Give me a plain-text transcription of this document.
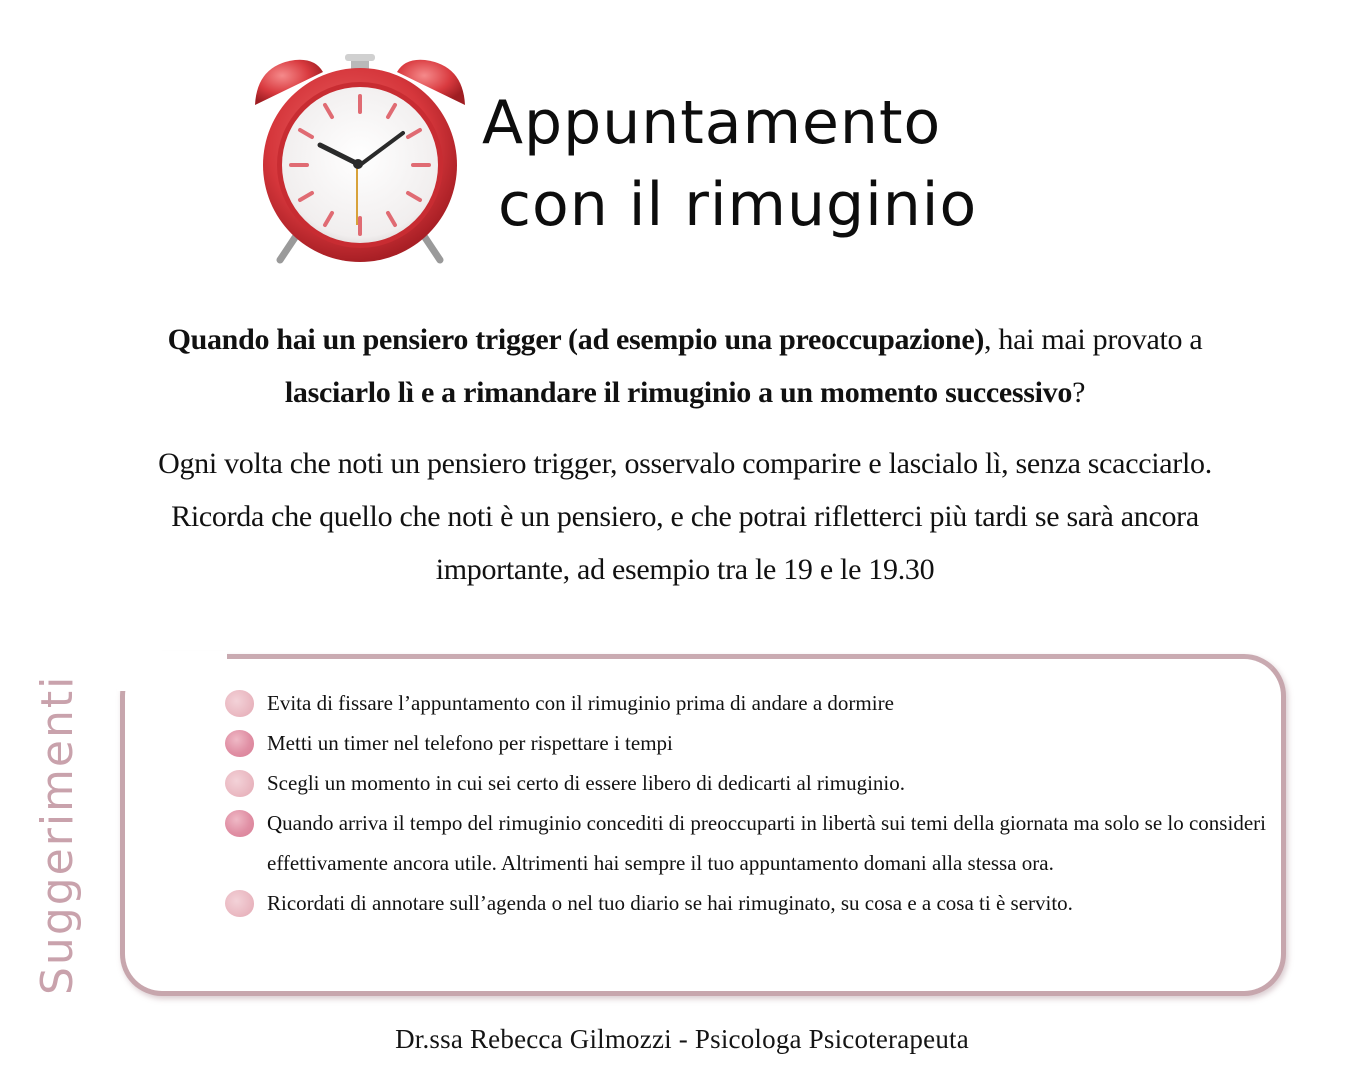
Appuntamento
con il rimuginio

Quando hai un pensiero trigger (ad esempio una preoccupazione), hai mai provato a lasciarlo lì e a rimandare il rimuginio a un momento successivo?

Ogni volta che noti un pensiero trigger, osservalo comparire e lascialo lì, senza scacciarlo. Ricorda che quello che noti è un pensiero, e che potrai rifletterci più tardi se sarà ancora importante, ad esempio tra le 19 e le 19.30

Suggerimenti	Evita di fissare l’appuntamento con il rimuginio prima di andare a dormire
Metti un timer nel telefono per rispettare i tempi
Scegli un momento in cui sei certo di essere libero di dedicarti al rimuginio.
Quando arriva il tempo del rimuginio concediti di preoccuparti in libertà sui temi della giornata ma solo se lo consideri effettivamente ancora utile. Altrimenti hai sempre il tuo appuntamento domani alla stessa ora.
Ricordati di annotare sull’agenda o nel tuo diario se hai rimuginato, su cosa e a cosa ti è servito.
Dr.ssa Rebecca Gilmozzi - Psicologa Psicoterapeuta
